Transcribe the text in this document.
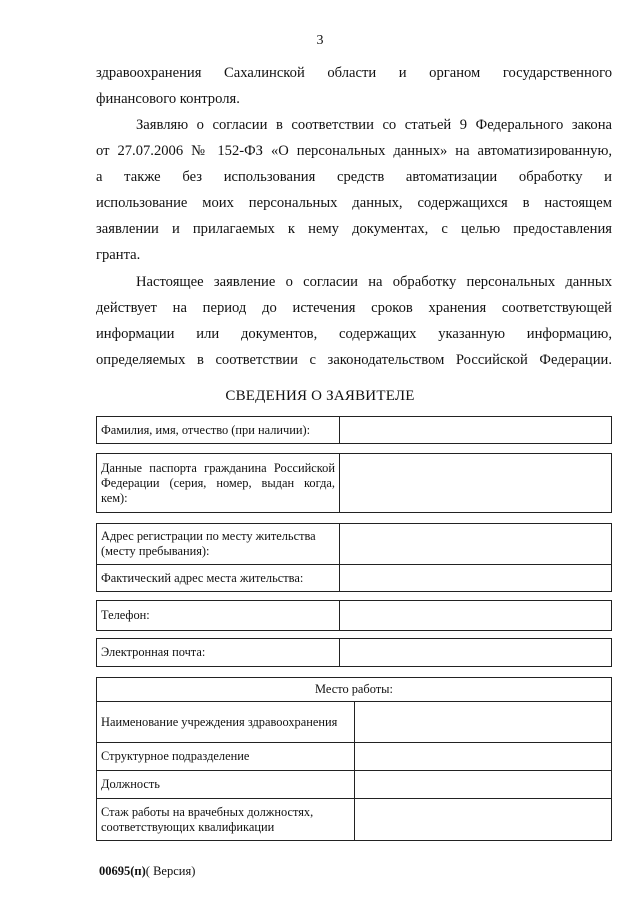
3
здравоохранения Сахалинской области и органом государственного
финансового контроля.
Заявляю о согласии в соответствии со статьей 9 Федерального закона
от 27.07.2006 № 152-ФЗ «О персональных данных» на автоматизированную,
а также без использования средств автоматизации обработку и
использование моих персональных данных, содержащихся в настоящем
заявлении и прилагаемых к нему документах, с целью предоставления
гранта.
Настоящее заявление о согласии на обработку персональных данных
действует на период до истечения сроков хранения соответствующей
информации или документов, содержащих указанную информацию,
определяемых в соответствии с законодательством Российской Федерации.
СВЕДЕНИЯ О ЗАЯВИТЕЛЕ
Фамилия, имя, отчество (при наличии):	
Данные паспорта гражданина Российской Федерации (серия, номер, выдан когда, кем):	
Адрес регистрации по месту жительства (месту пребывания):	
Фактический адрес места жительства:	
Телефон:	
Электронная почта:	
Место работы:	
Наименование учреждения здравоохранения	
Структурное подразделение	
Должность	
Стаж работы на врачебных должностях, соответствующих квалификации	
00695(п)( Версия)
